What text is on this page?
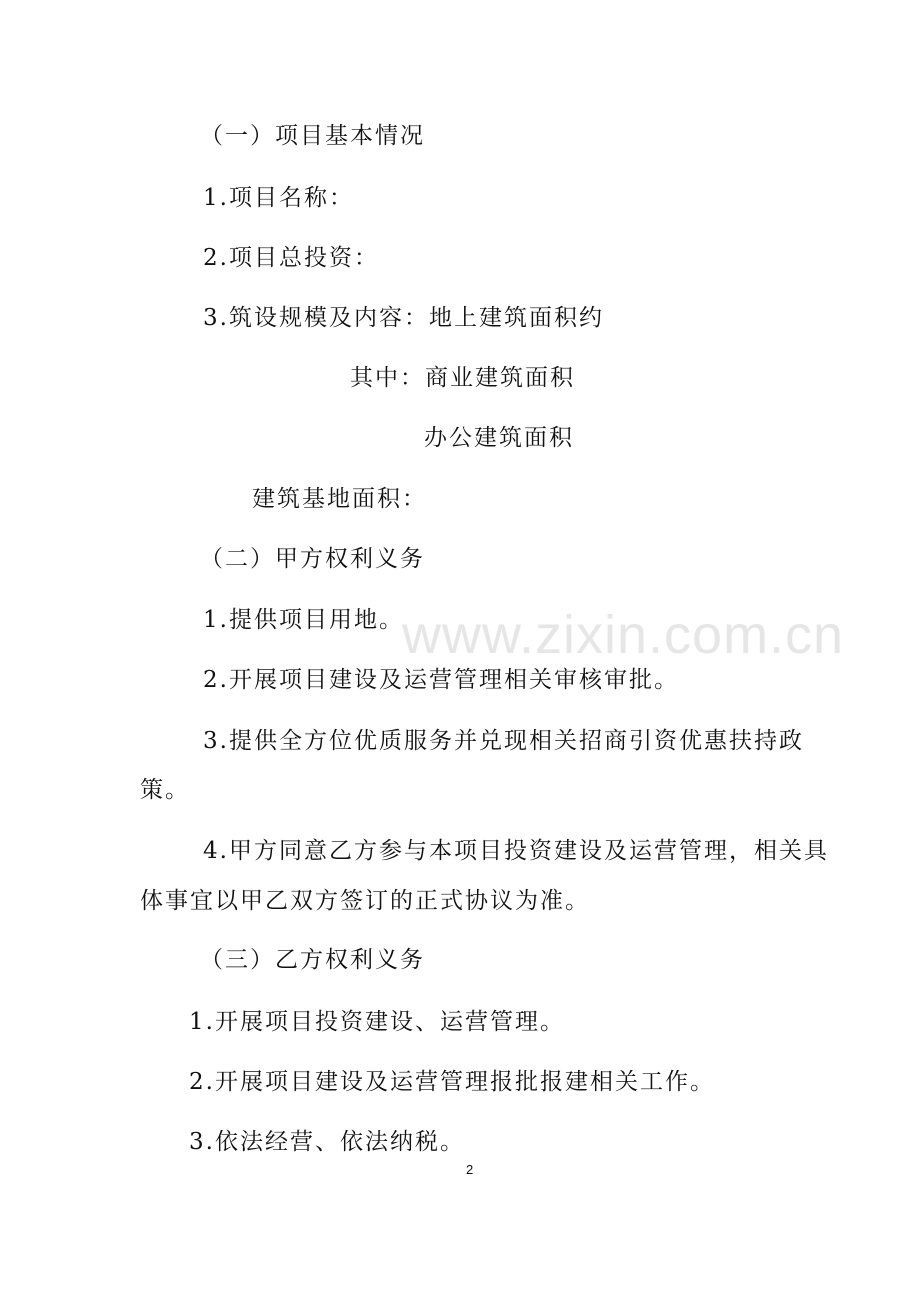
www.zixin.com.cn
（一）项目基本情况
1.项目名称：
2.项目总投资：
3.筑设规模及内容：地上建筑面积约
其中：商业建筑面积
办公建筑面积
建筑基地面积：
（二）甲方权利义务
1.提供项目用地。
2.开展项目建设及运营管理相关审核审批。
3.提供全方位优质服务并兑现相关招商引资优惠扶持政
策。
4.甲方同意乙方参与本项目投资建设及运营管理，相关具
体事宜以甲乙双方签订的正式协议为准。
（三）乙方权利义务
1.开展项目投资建设、运营管理。
2.开展项目建设及运营管理报批报建相关工作。
3.依法经营、依法纳税。
2
